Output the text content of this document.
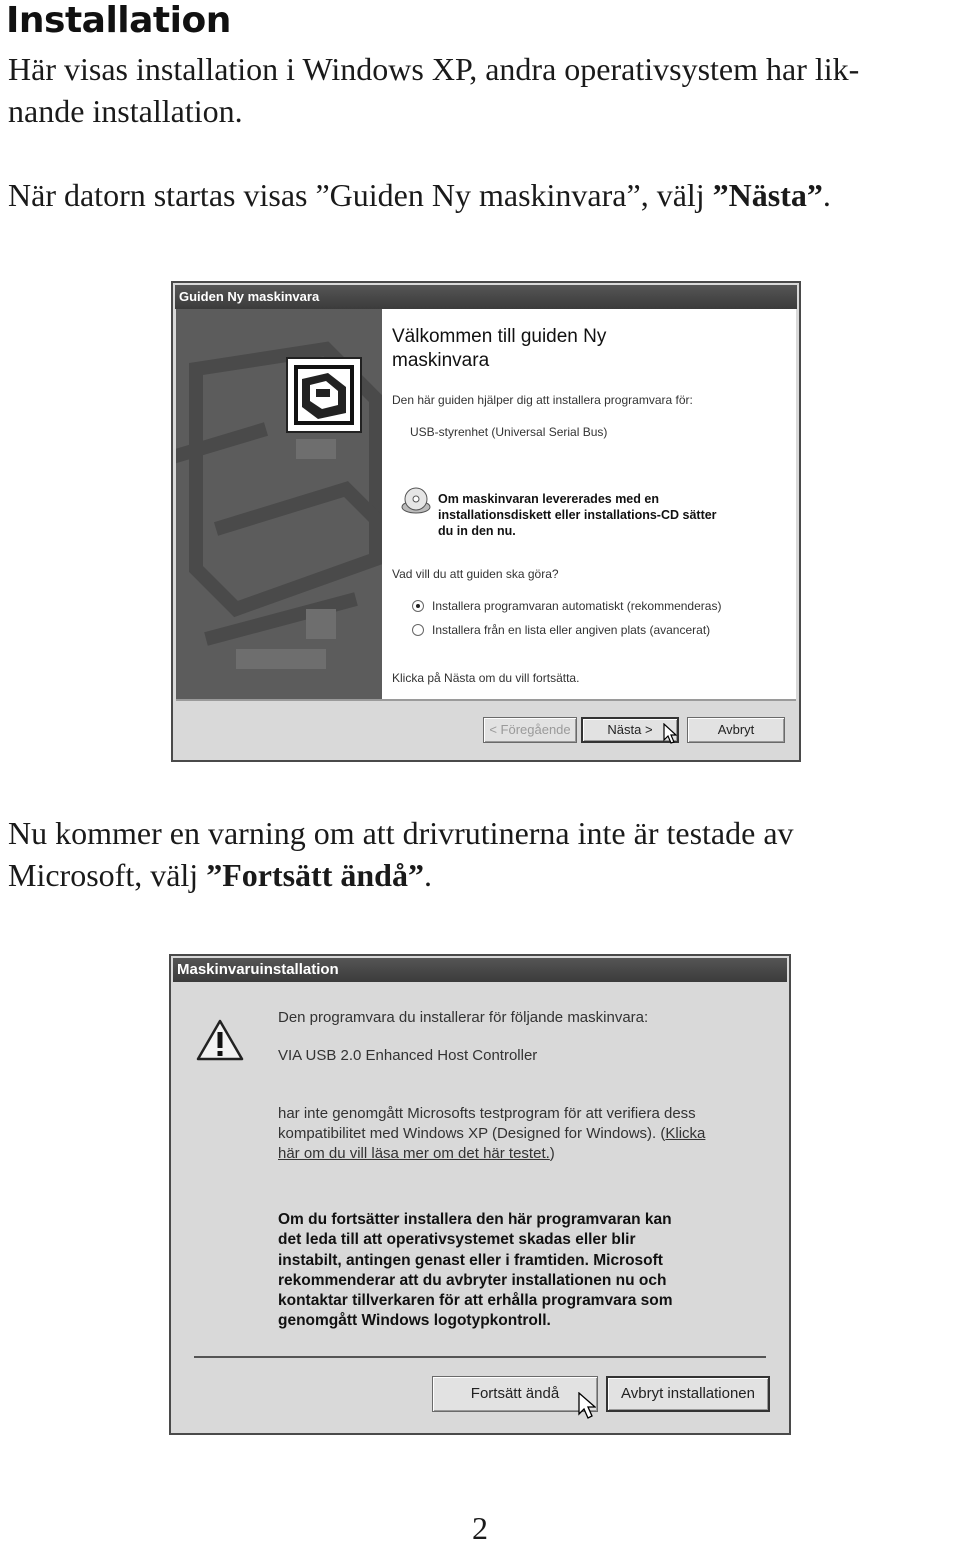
Installation
Här visas installation i Windows XP, andra operativsystem har lik-
nande installation.
När datorn startas visas ”Guiden Ny maskinvara”, välj ”Nästa”.
Guiden Ny maskinvara
Välkommen till guiden Ny
maskinvara
Den här guiden hjälper dig att installera programvara för:
USB-styrenhet (Universal Serial Bus)
Om maskinvaran levererades med en
installationsdiskett eller installations-CD sätter
du in den nu.
Vad vill du att guiden ska göra?
Installera programvaran automatiskt (rekommenderas)
Installera från en lista eller angiven plats (avancerat)
Klicka på Nästa om du vill fortsätta.
< Föregående	Nästa >	Avbryt
Nu kommer en varning om att drivrutinerna inte är testade av
Microsoft, välj ”Fortsätt ändå”.
Maskinvaruinstallation
Den programvara du installerar för följande maskinvara:
VIA USB 2.0 Enhanced Host Controller
har inte genomgått Microsofts testprogram för att verifiera dess
kompatibilitet med Windows XP (Designed for Windows). (Klicka
här om du vill läsa mer om det här testet.)
Om du fortsätter installera den här programvaran kan
det leda till att operativsystemet skadas eller blir
instabilt, antingen genast eller i framtiden. Microsoft
rekommenderar att du avbryter installationen nu och
kontaktar tillverkaren för att erhålla programvara som
genomgått Windows logotypkontroll.
Fortsätt ändå	Avbryt installationen
2
